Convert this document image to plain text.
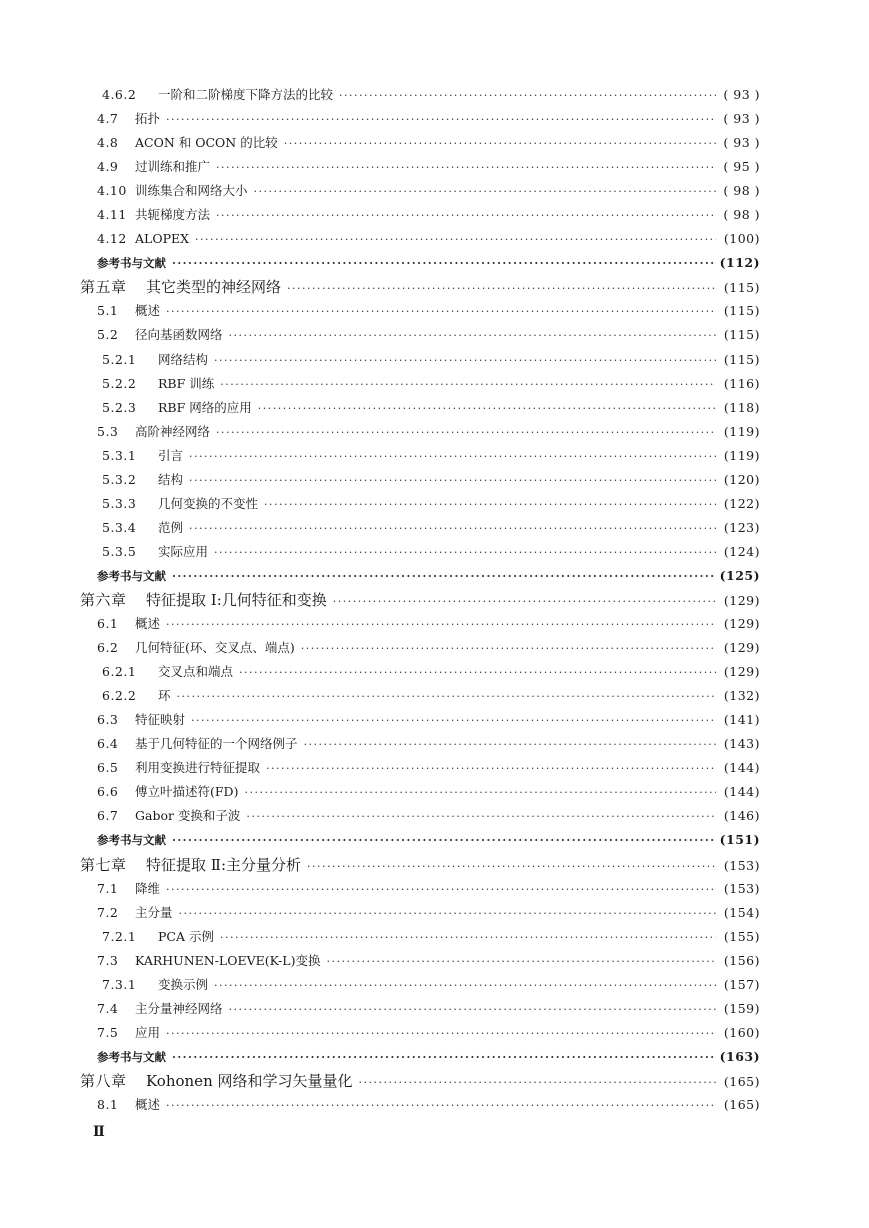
4.6.2	一阶和二阶梯度下降方法的比较 ·····	( 93 )
4.7	拓扑 ·····	( 93 )
4.8	ACON 和 OCON 的比较 ·····	( 93 )
4.9	过训练和推广 ·····	( 95 )
4.10 训练集合和网络大小 ·····	( 98 )
4.11 共轭梯度方法 ·····	( 98 )
4.12 ALOPEX ·····	(100)
参考书与文献 ·····	(112)
第五章	其它类型的神经网络 ·····	(115)
5.1	概述 ·····	(115)
5.2	径向基函数网络 ·····	(115)
5.2.1	网络结构 ·····	(115)
5.2.2	RBF 训练 ·····	(116)
5.2.3	RBF 网络的应用 ·····	(118)
5.3	高阶神经网络 ·····	(119)
5.3.1	引言 ·····	(119)
5.3.2	结构 ·····	(120)
5.3.3	几何变换的不变性 ·····	(122)
5.3.4	范例 ·····	(123)
5.3.5	实际应用 ·····	(124)
参考书与文献 ·····	(125)
第六章	特征提取 I:几何特征和变换 ·····	(129)
6.1	概述 ·····	(129)
6.2	几何特征(环、交叉点、端点) ·····	(129)
6.2.1	交叉点和端点 ·····	(129)
6.2.2	环 ·····	(132)
6.3	特征映射 ·····	(141)
6.4	基于几何特征的一个网络例子 ·····	(143)
6.5	利用变换进行特征提取 ·····	(144)
6.6	傅立叶描述符(FD) ·····	(144)
6.7	Gabor 变换和子波 ·····	(146)
参考书与文献 ·····	(151)
第七章	特征提取 Ⅱ:主分量分析 ·····	(153)
7.1	降维 ·····	(153)
7.2	主分量 ·····	(154)
7.2.1	PCA 示例 ·····	(155)
7.3	KARHUNEN-LOEVE(K-L)变换 ·····	(156)
7.3.1	变换示例 ·····	(157)
7.4	主分量神经网络 ·····	(159)
7.5	应用 ·····	(160)
参考书与文献 ·····	(163)
第八章	Kohonen 网络和学习矢量量化 ·····	(165)
8.1	概述 ·····	(165)
Ⅱ
